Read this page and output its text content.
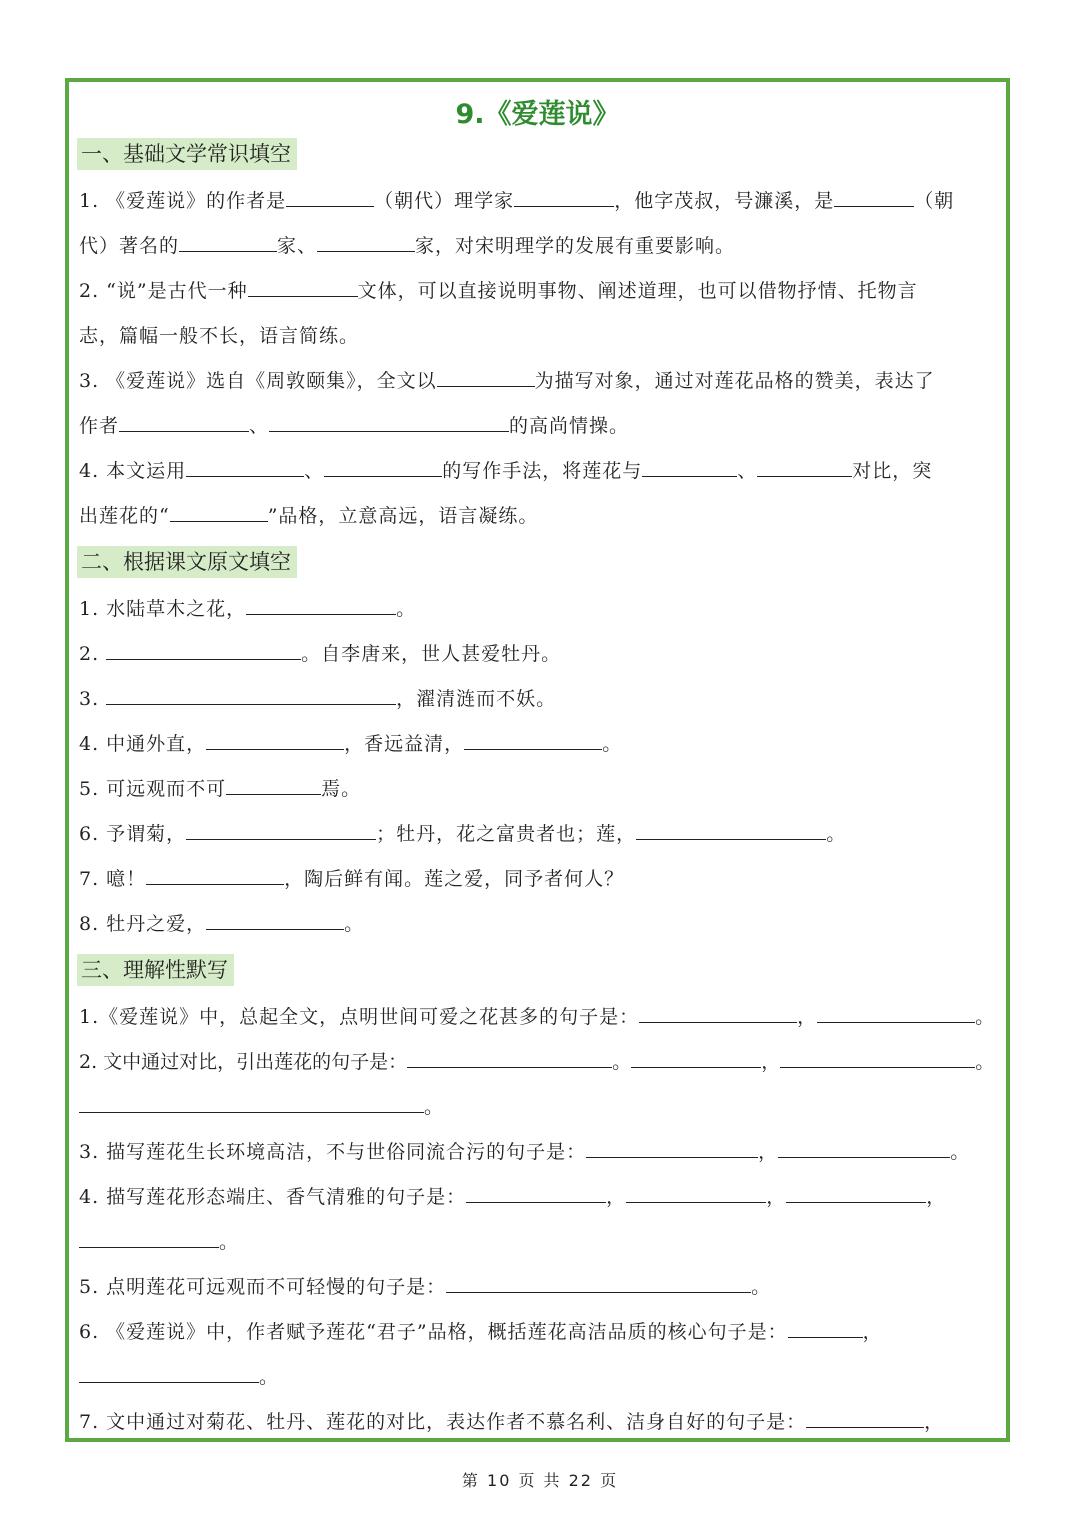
9.《爱莲说》
一、基础文学常识填空
1. 《爱莲说》的作者是	（朝代）理学家	，他字茂叔，号濂溪，是	（朝
代）著名的	家、	家，对宋明理学的发展有重要影响。
2. “说”是古代一种	文体，可以直接说明事物、阐述道理，也可以借物抒情、托物言
志，篇幅一般不长，语言简练。
3. 《爱莲说》选自《周敦颐集》，全文以	为描写对象，通过对莲花品格的赞美，表达了
作者	、	的高尚情操。
4. 本文运用	、	的写作手法，将莲花与	、	对比，突
出莲花的“	”品格，立意高远，语言凝练。
二、根据课文原文填空
1. 水陆草木之花，	。
2.	。自李唐来，世人甚爱牡丹。
3.	，濯清涟而不妖。
4. 中通外直，	，香远益清，	。
5. 可远观而不可	焉。
6. 予谓菊，	；牡丹，花之富贵者也；莲，	。
7. 噫！	，陶后鲜有闻。莲之爱，同予者何人？
8. 牡丹之爱，	。
三、理解性默写
1.《爱莲说》中，总起全文，点明世间可爱之花甚多的句子是：	，	。
2. 文中通过对比，引出莲花的句子是：	。	，	。
。
3. 描写莲花生长环境高洁，不与世俗同流合污的句子是：	，	。
4. 描写莲花形态端庄、香气清雅的句子是：	，	，	，
。
5. 点明莲花可远观而不可轻慢的句子是：	。
6. 《爱莲说》中，作者赋予莲花“君子”品格，概括莲花高洁品质的核心句子是：	，
。
7. 文中通过对菊花、牡丹、莲花的对比，表达作者不慕名利、洁身自好的句子是：	，
第 10 页 共 22 页
